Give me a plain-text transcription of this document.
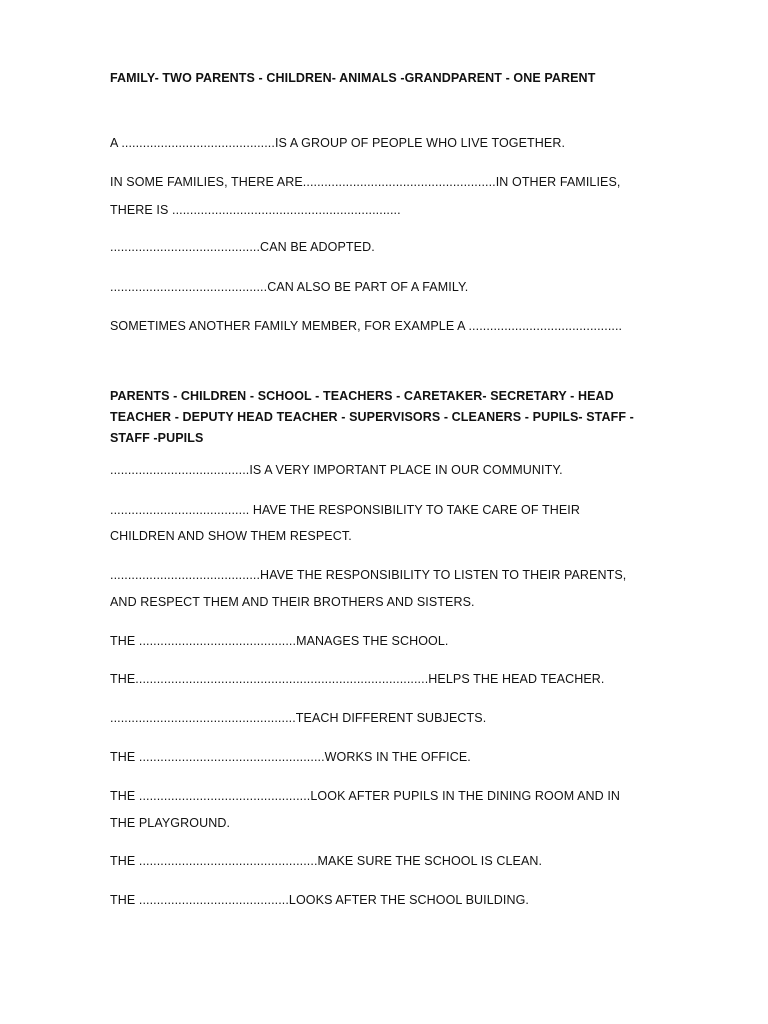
FAMILY- TWO PARENTS - CHILDREN- ANIMALS -GRANDPARENT - ONE PARENT
A ...........................................IS A GROUP OF PEOPLE WHO LIVE TOGETHER.
IN SOME FAMILIES, THERE ARE......................................................IN OTHER FAMILIES,
THERE IS ................................................................
..........................................CAN BE ADOPTED.
............................................CAN ALSO BE PART OF A FAMILY.
SOMETIMES ANOTHER FAMILY MEMBER, FOR EXAMPLE A ...........................................
PARENTS - CHILDREN - SCHOOL - TEACHERS - CARETAKER- SECRETARY - HEAD TEACHER - DEPUTY HEAD TEACHER - SUPERVISORS - CLEANERS - PUPILS- STAFF - STAFF -PUPILS
.......................................IS A VERY IMPORTANT PLACE IN OUR COMMUNITY.
....................................... HAVE THE RESPONSIBILITY TO TAKE CARE OF THEIR
CHILDREN AND SHOW THEM RESPECT.
..........................................HAVE THE RESPONSIBILITY TO LISTEN TO THEIR PARENTS,
AND RESPECT THEM AND THEIR BROTHERS AND SISTERS.
THE ............................................MANAGES THE SCHOOL.
THE..................................................................................HELPS THE HEAD TEACHER.
....................................................TEACH DIFFERENT SUBJECTS.
THE ....................................................WORKS IN THE OFFICE.
THE ................................................LOOK AFTER PUPILS IN THE DINING ROOM AND IN
THE PLAYGROUND.
THE ..................................................MAKE SURE THE SCHOOL IS CLEAN.
THE ..........................................LOOKS AFTER THE SCHOOL BUILDING.
